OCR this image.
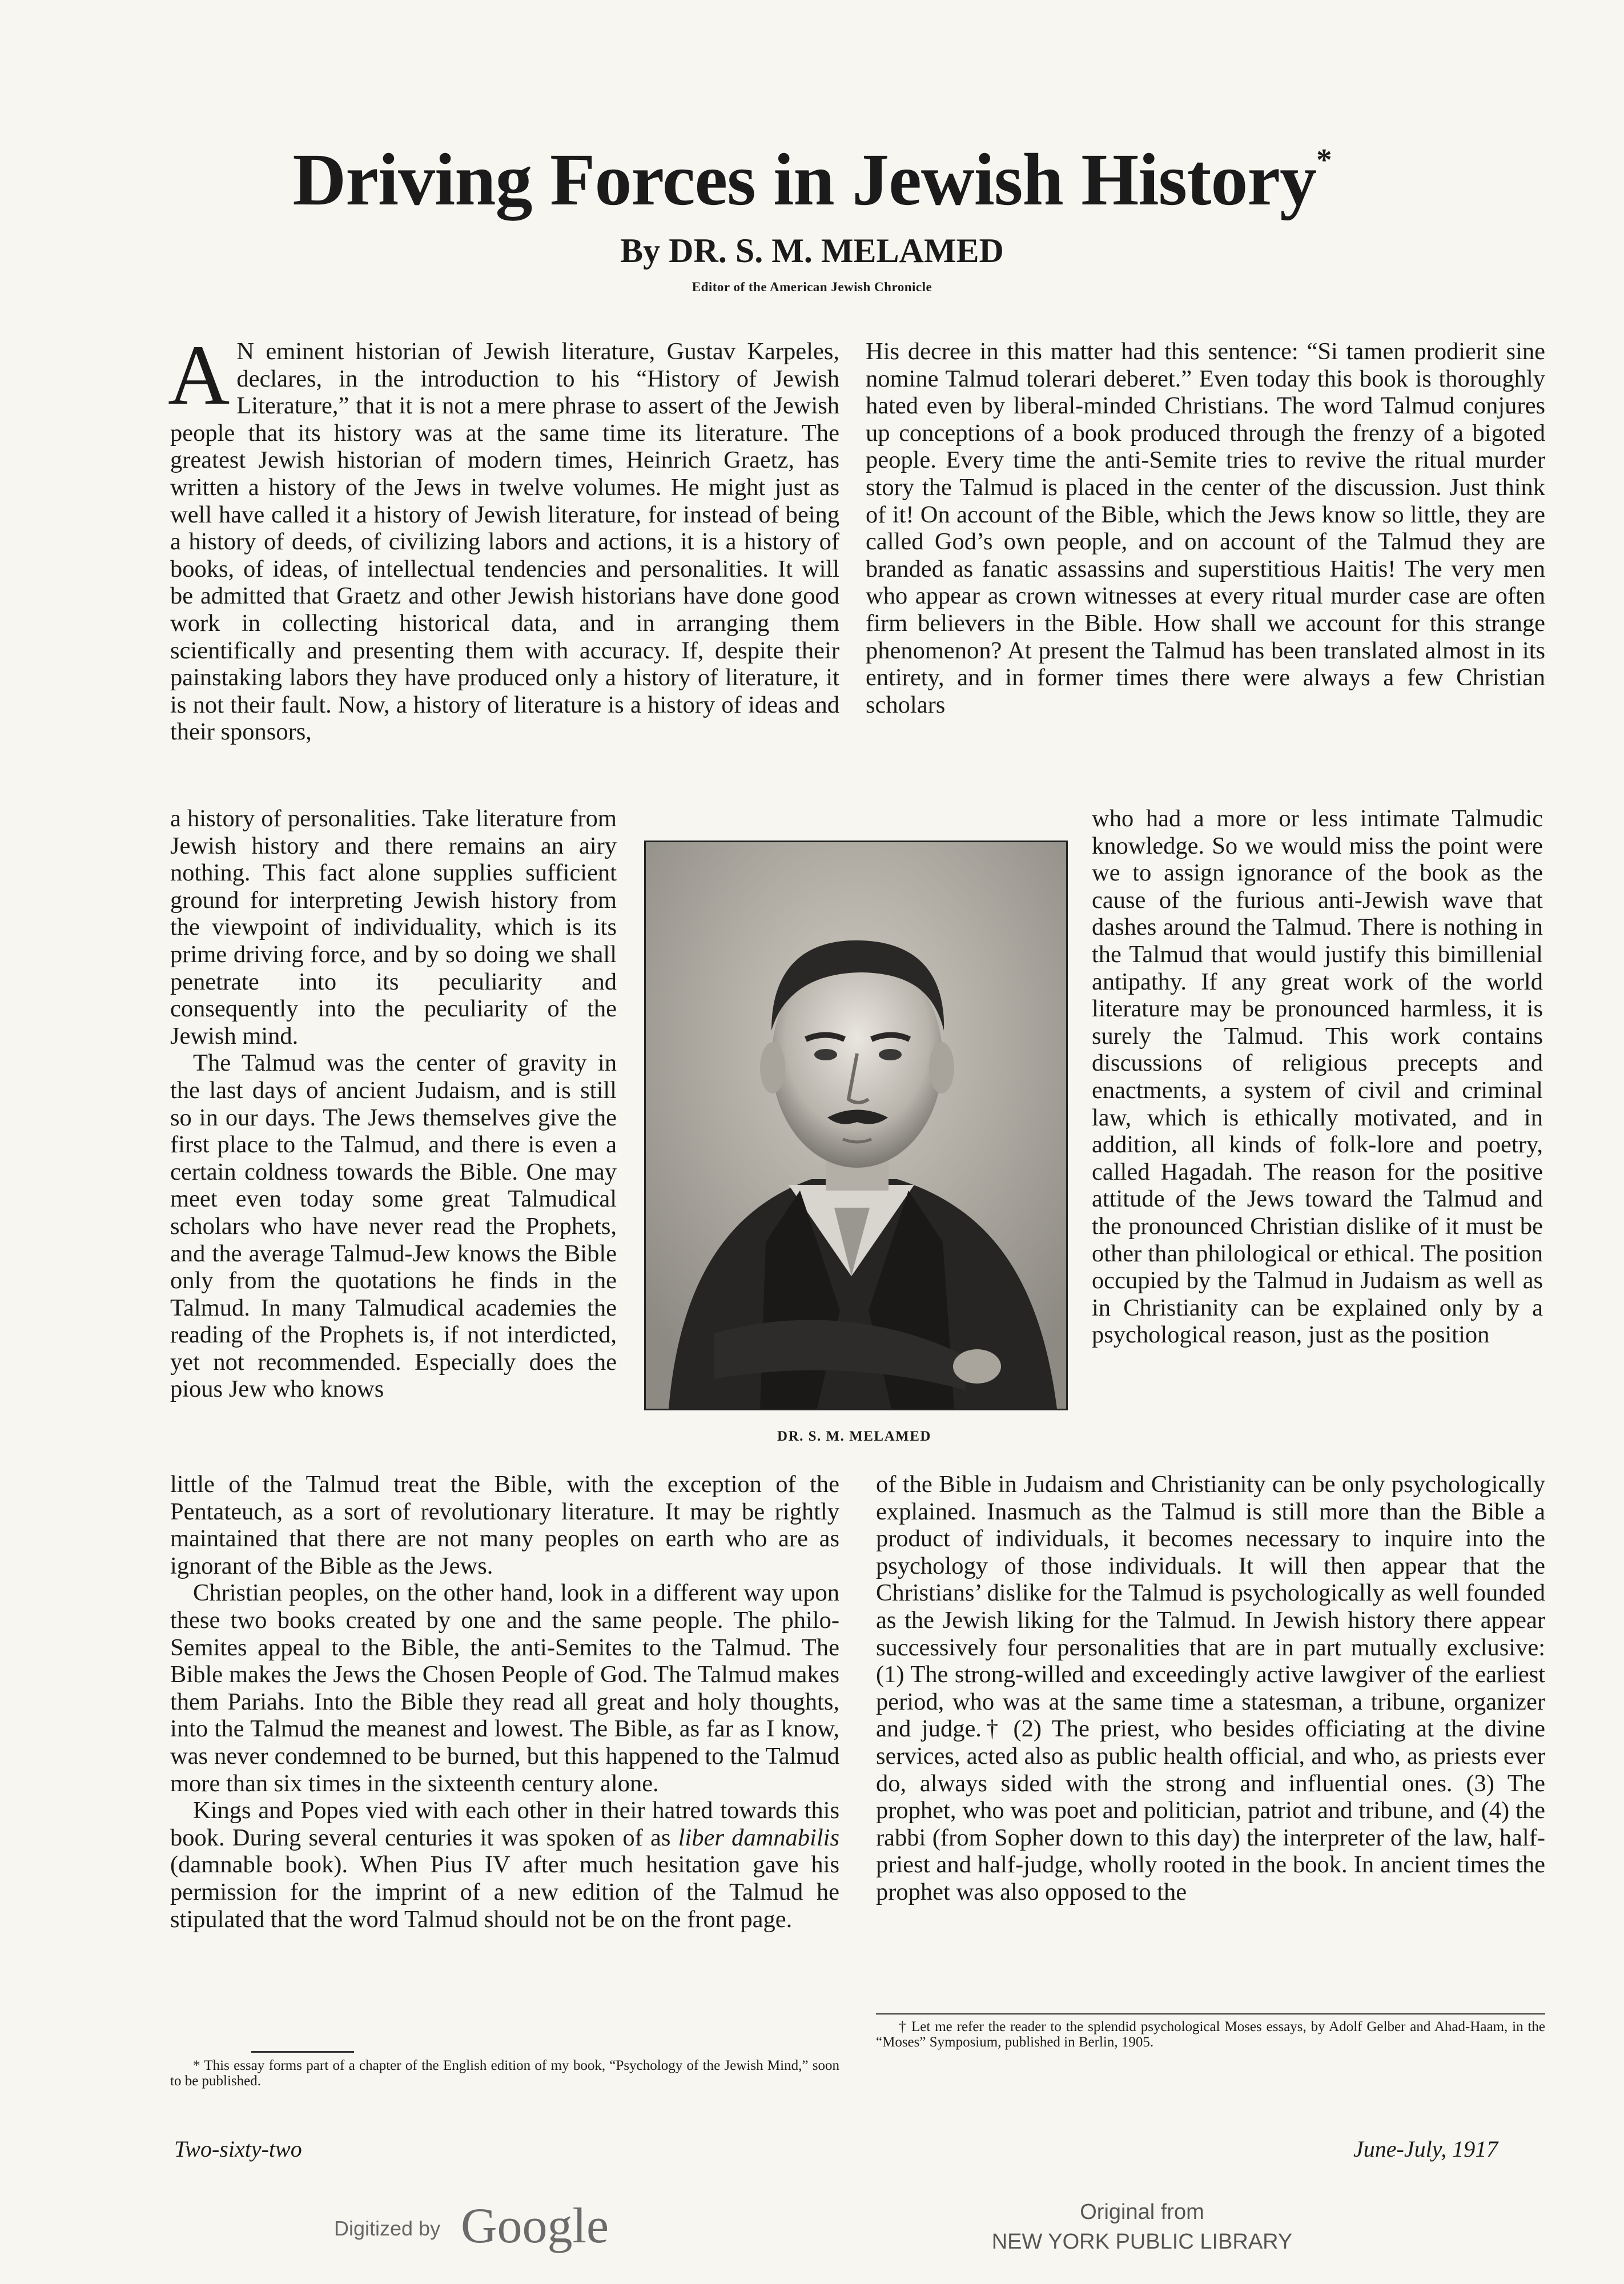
Driving Forces in Jewish History*
By DR. S. M. MELAMED
Editor of the American Jewish Chronicle

A N eminent historian of Jewish literature, Gustav Karpeles, declares, in the introduction to his “History of Jewish Literature,” that it is not a mere phrase to assert of the Jewish people that its history was at the same time its literature. The greatest Jewish historian of modern times, Heinrich Graetz, has written a history of the Jews in twelve volumes. He might just as well have called it a history of Jewish literature, for instead of being a history of deeds, of civilizing labors and actions, it is a history of books, of ideas, of intellectual tendencies and personalities. It will be admitted that Graetz and other Jewish historians have done good work in collecting historical data, and in arranging them scientifically and presenting them with accuracy. If, despite their painstaking labors they have produced only a history of literature, it is not their fault. Now, a history of literature is a history of ideas and their sponsors,

a history of personalities. Take literature from Jewish history and there remains an airy nothing. This fact alone supplies sufficient ground for interpreting Jewish history from the viewpoint of individuality, which is its prime driving force, and by so doing we shall penetrate into its peculiarity and consequently into the peculiarity of the Jewish mind.

The Talmud was the center of gravity in the last days of ancient Judaism, and is still so in our days. The Jews themselves give the first place to the Talmud, and there is even a certain coldness towards the Bible. One may meet even today some great Talmudical scholars who have never read the Prophets, and the average Talmud-Jew knows the Bible only from the quotations he finds in the Talmud. In many Talmudical academies the reading of the Prophets is, if not interdicted, yet not recommended. Especially does the pious Jew who knows

little of the Talmud treat the Bible, with the exception of the Pentateuch, as a sort of revolutionary literature. It may be rightly maintained that there are not many peoples on earth who are as ignorant of the Bible as the Jews.

Christian peoples, on the other hand, look in a different way upon these two books created by one and the same people. The philo-Semites appeal to the Bible, the anti-Semites to the Talmud. The Bible makes the Jews the Chosen People of God. The Talmud makes them Pariahs. Into the Bible they read all great and holy thoughts, into the Talmud the meanest and lowest. The Bible, as far as I know, was never condemned to be burned, but this happened to the Talmud more than six times in the sixteenth century alone.

Kings and Popes vied with each other in their hatred towards this book. During several centuries it was spoken of as liber damnabilis (damnable book). When Pius IV after much hesitation gave his permission for the imprint of a new edition of the Talmud he stipulated that the word Talmud should not be on the front page.

* This essay forms part of a chapter of the English edition of my book, “Psychology of the Jewish Mind,” soon to be published.

His decree in this matter had this sentence: “Si tamen prodierit sine nomine Talmud tolerari deberet.” Even today this book is thoroughly hated even by liberal-minded Christians. The word Talmud conjures up conceptions of a book produced through the frenzy of a bigoted people. Every time the anti-Semite tries to revive the ritual murder story the Talmud is placed in the center of the discussion. Just think of it! On account of the Bible, which the Jews know so little, they are called God’s own people, and on account of the Talmud they are branded as fanatic assassins and superstitious Haitis! The very men who appear as crown witnesses at every ritual murder case are often firm believers in the Bible. How shall we account for this strange phenomenon? At present the Talmud has been translated almost in its entirety, and in former times there were always a few Christian scholars

who had a more or less intimate Talmudic knowledge. So we would miss the point were we to assign ignorance of the book as the cause of the furious anti-Jewish wave that dashes around the Talmud. There is nothing in the Talmud that would justify this bimillenial antipathy. If any great work of the world literature may be pronounced harmless, it is surely the Talmud. This work contains discussions of religious precepts and enactments, a system of civil and criminal law, which is ethically motivated, and in addition, all kinds of folk-lore and poetry, called Hagadah. The reason for the positive attitude of the Jews toward the Talmud and the pronounced Christian dislike of it must be other than philological or ethical. The position occupied by the Talmud in Judaism as well as in Christianity can be explained only by a psychological reason, just as the position

of the Bible in Judaism and Christianity can be only psychologically explained. Inasmuch as the Talmud is still more than the Bible a product of individuals, it becomes necessary to inquire into the psychology of those individuals. It will then appear that the Christians’ dislike for the Talmud is psychologically as well founded as the Jewish liking for the Talmud. In Jewish history there appear successively four personalities that are in part mutually exclusive: (1) The strong-willed and exceedingly active lawgiver of the earliest period, who was at the same time a statesman, a tribune, organizer and judge.† (2) The priest, who besides officiating at the divine services, acted also as public health official, and who, as priests ever do, always sided with the strong and influential ones. (3) The prophet, who was poet and politician, patriot and tribune, and (4) the rabbi (from Sopher down to this day) the interpreter of the law, half-priest and half-judge, wholly rooted in the book. In ancient times the prophet was also opposed to the

† Let me refer the reader to the splendid psychological Moses essays, by Adolf Gelber and Ahad-Haam, in the “Moses” Symposium, published in Berlin, 1905.

DR. S. M. MELAMED
Two-sixty-two	June-July, 1917
Digitized by Google	Original from
NEW YORK PUBLIC LIBRARY
